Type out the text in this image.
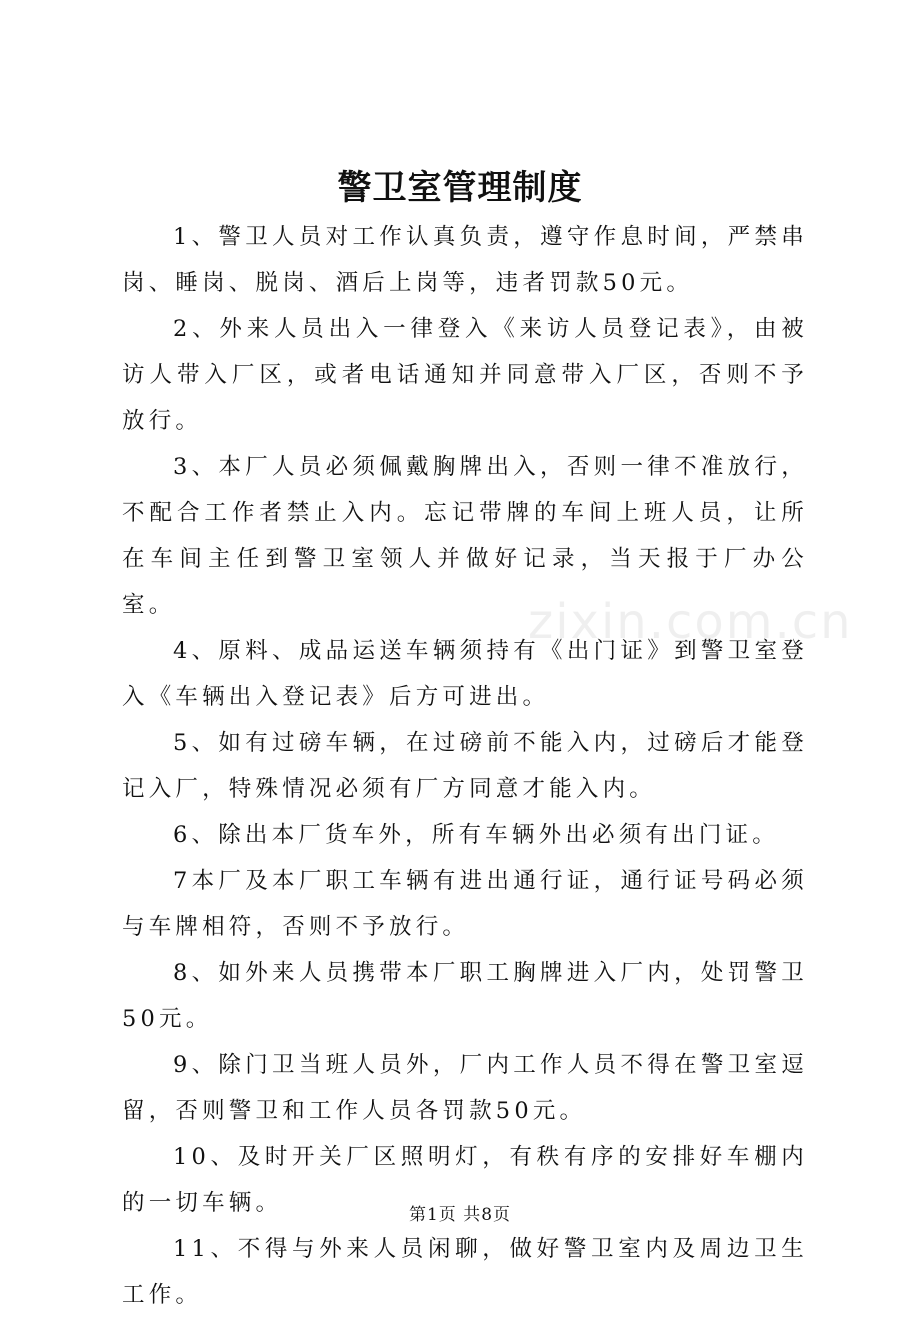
警卫室管理制度

1、警卫人员对工作认真负责，遵守作息时间，严禁串岗、睡岗、脱岗、酒后上岗等，违者罚款50元。

2、外来人员出入一律登入《来访人员登记表》，由被访人带入厂区，或者电话通知并同意带入厂区，否则不予放行。

3、本厂人员必须佩戴胸牌出入，否则一律不准放行，不配合工作者禁止入内。忘记带牌的车间上班人员，让所在车间主任到警卫室领人并做好记录，当天报于厂办公室。

4、原料、成品运送车辆须持有《出门证》到警卫室登入《车辆出入登记表》后方可进出。

5、如有过磅车辆，在过磅前不能入内，过磅后才能登记入厂，特殊情况必须有厂方同意才能入内。

6、除出本厂货车外，所有车辆外出必须有出门证。

7本厂及本厂职工车辆有进出通行证，通行证号码必须与车牌相符，否则不予放行。

8、如外来人员携带本厂职工胸牌进入厂内，处罚警卫50元。

9、除门卫当班人员外，厂内工作人员不得在警卫室逗留，否则警卫和工作人员各罚款50元。

10、及时开关厂区照明灯，有秩有序的安排好车棚内的一切车辆。

11、不得与外来人员闲聊，做好警卫室内及周边卫生工作。

zixin.com.cn
第1页 共8页
